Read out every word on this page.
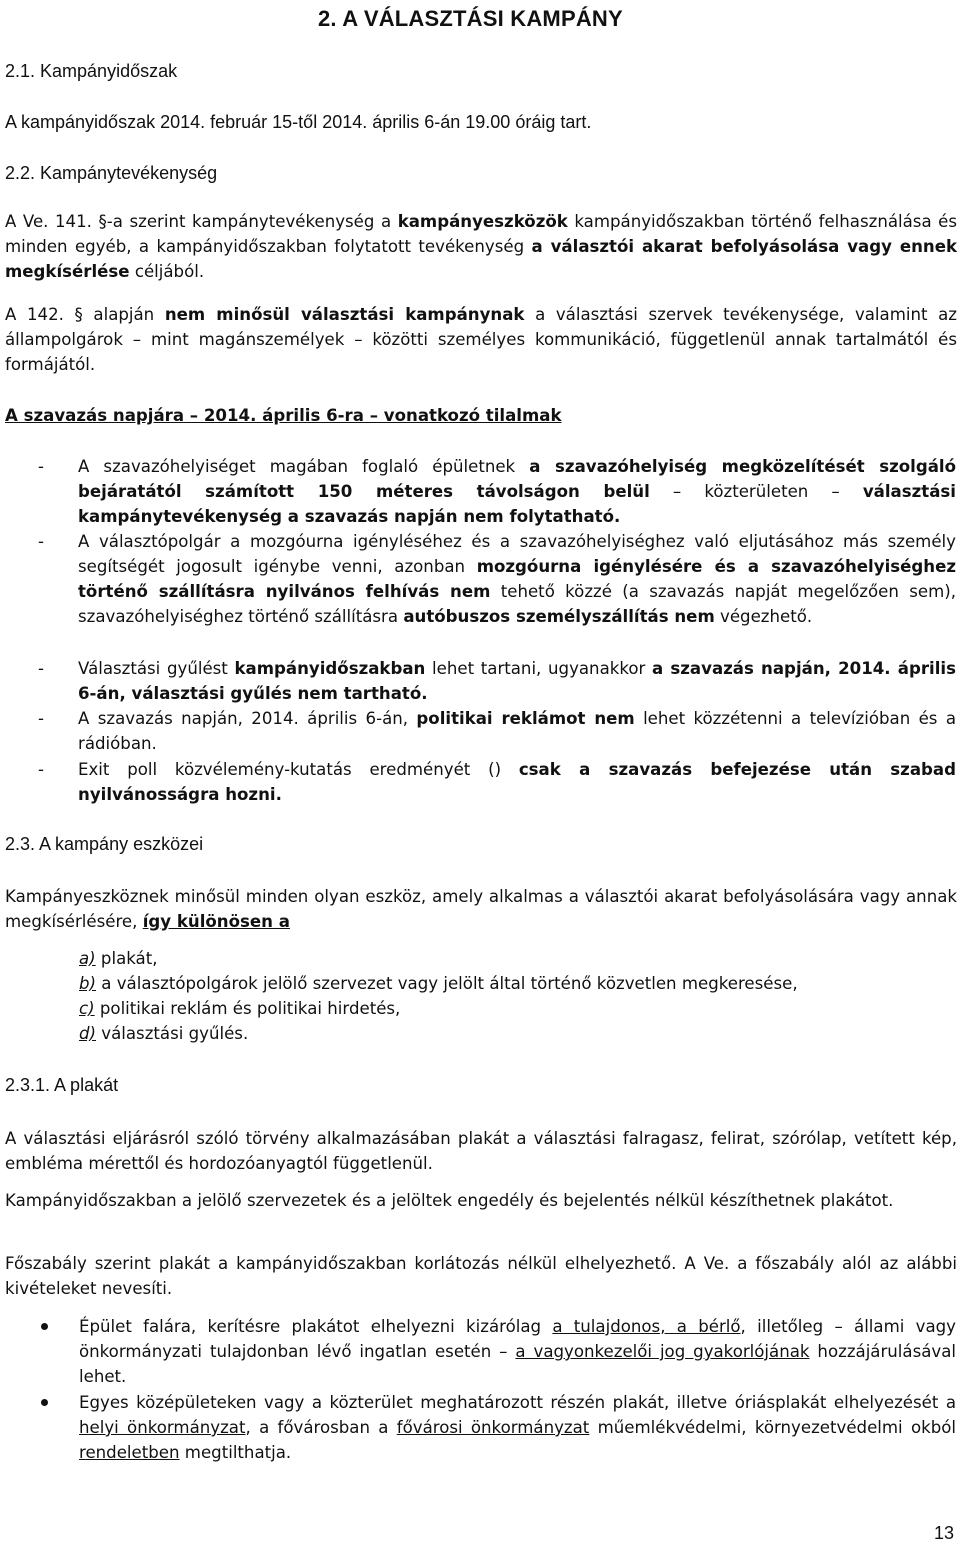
2. A VÁLASZTÁSI KAMPÁNY
2.1. Kampányidőszak
A kampányidőszak 2014. február 15-től 2014. április 6-án 19.00 óráig tart.
2.2. Kampánytevékenység
A Ve. 141. §-a szerint kampánytevékenység a kampányeszközök kampányidőszakban történő felhasználása és minden egyéb, a kampányidőszakban folytatott tevékenység a választói akarat befolyásolása vagy ennek megkísérlése céljából.
A 142. § alapján nem minősül választási kampánynak a választási szervek tevékenysége, valamint az állampolgárok – mint magánszemélyek – közötti személyes kommunikáció, függetlenül annak tartalmától és formájától.
A szavazás napjára – 2014. április 6-ra – vonatkozó tilalmak
- A szavazóhelyiséget magában foglaló épületnek a szavazóhelyiség megközelítését szolgáló bejáratától számított 150 méteres távolságon belül – közterületen – választási kampánytevékenység a szavazás napján nem folytatható.
- A választópolgár a mozgóurna igényléséhez és a szavazóhelyiséghez való eljutásához más személy segítségét jogosult igénybe venni, azonban mozgóurna igénylésére és a szavazóhelyiséghez történő szállításra nyilvános felhívás nem tehető közzé (a szavazás napját megelőzően sem), szavazóhelyiséghez történő szállításra autóbuszos személyszállítás nem végezhető.
- Választási gyűlést kampányidőszakban lehet tartani, ugyanakkor a szavazás napján, 2014. április 6-án, választási gyűlés nem tartható.
- A szavazás napján, 2014. április 6-án, politikai reklámot nem lehet közzétenni a televízióban és a rádióban.
- Exit poll közvélemény-kutatás eredményét () csak a szavazás befejezése után szabad nyilvánosságra hozni.
2.3. A kampány eszközei
Kampányeszköznek minősül minden olyan eszköz, amely alkalmas a választói akarat befolyásolására vagy annak megkísérlésére, így különösen a
a) plakát,
b) a választópolgárok jelölő szervezet vagy jelölt által történő közvetlen megkeresése,
c) politikai reklám és politikai hirdetés,
d) választási gyűlés.
2.3.1. A plakát
A választási eljárásról szóló törvény alkalmazásában plakát a választási falragasz, felirat, szórólap, vetített kép, embléma mérettől és hordozóanyagtól függetlenül.
Kampányidőszakban a jelölő szervezetek és a jelöltek engedély és bejelentés nélkül készíthetnek plakátot.
Főszabály szerint plakát a kampányidőszakban korlátozás nélkül elhelyezhető. A Ve. a főszabály alól az alábbi kivételeket nevesíti.
Épület falára, kerítésre plakátot elhelyezni kizárólag a tulajdonos, a bérlő, illetőleg – állami vagy önkormányzati tulajdonban lévő ingatlan esetén – a vagyonkezelői jog gyakorlójának hozzájárulásával lehet.
Egyes középületeken vagy a közterület meghatározott részén plakát, illetve óriásplakát elhelyezését a helyi önkormányzat, a fővárosban a fővárosi önkormányzat műemlékvédelmi, környezetvédelmi okból rendeletben megtilthatja.
13
